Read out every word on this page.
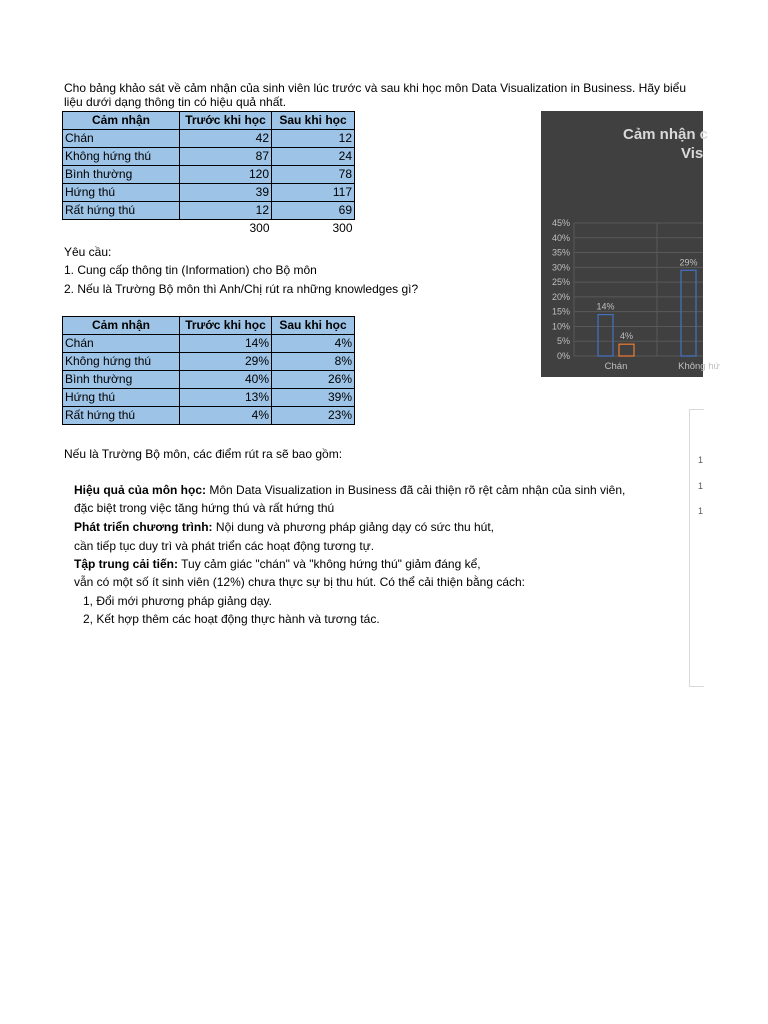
Cho bảng khảo sát về cảm nhận của sinh viên lúc trước và sau khi học môn Data Visualization in Business. Hãy biểu
liệu dưới dạng thông tin có hiệu quả nhất.
Cảm nhận	Trước khi học	Sau khi học
Chán	42	12
Không hứng thú	87	24
Bình thường	120	78
Hứng thú	39	117
Rất hứng thú	12	69
	300	300
Yêu cầu:
1. Cung cấp thông tin (Information) cho Bộ môn
2. Nếu là Trường Bộ môn thì Anh/Chị rút ra những knowledges gì?
Cảm nhận	Trước khi học	Sau khi học
Chán	14%	4%
Không hứng thú	29%	8%
Bình thường	40%	26%
Hứng thú	13%	39%
Rất hứng thú	4%	23%
Nếu là Trường Bộ môn, các điểm rút ra sẽ bao gồm:
Hiệu quả của môn học: Môn Data Visualization in Business đã cải thiện rõ rệt cảm nhận của sinh viên,
đặc biệt trong việc tăng hứng thú và rất hứng thú
Phát triển chương trình: Nội dung và phương pháp giảng dạy có sức thu hút,
cần tiếp tục duy trì và phát triển các hoạt động tương tự.
Tập trung cải tiến: Tuy cảm giác "chán" và "không hứng thú" giảm đáng kể,
vẫn có một số ít sinh viên (12%) chưa thực sự bị thu hút. Có thể cải thiện bằng cách:
1, Đổi mới phương pháp giảng dạy.
2, Kết hợp thêm các hoạt động thực hành và tương tác.
Cảm nhận c
Vis
0%
5%
10%
15%
20%
25%
30%
35%
40%
45%
14%
4%
29%
Chán	Không hứ
1
1
1
